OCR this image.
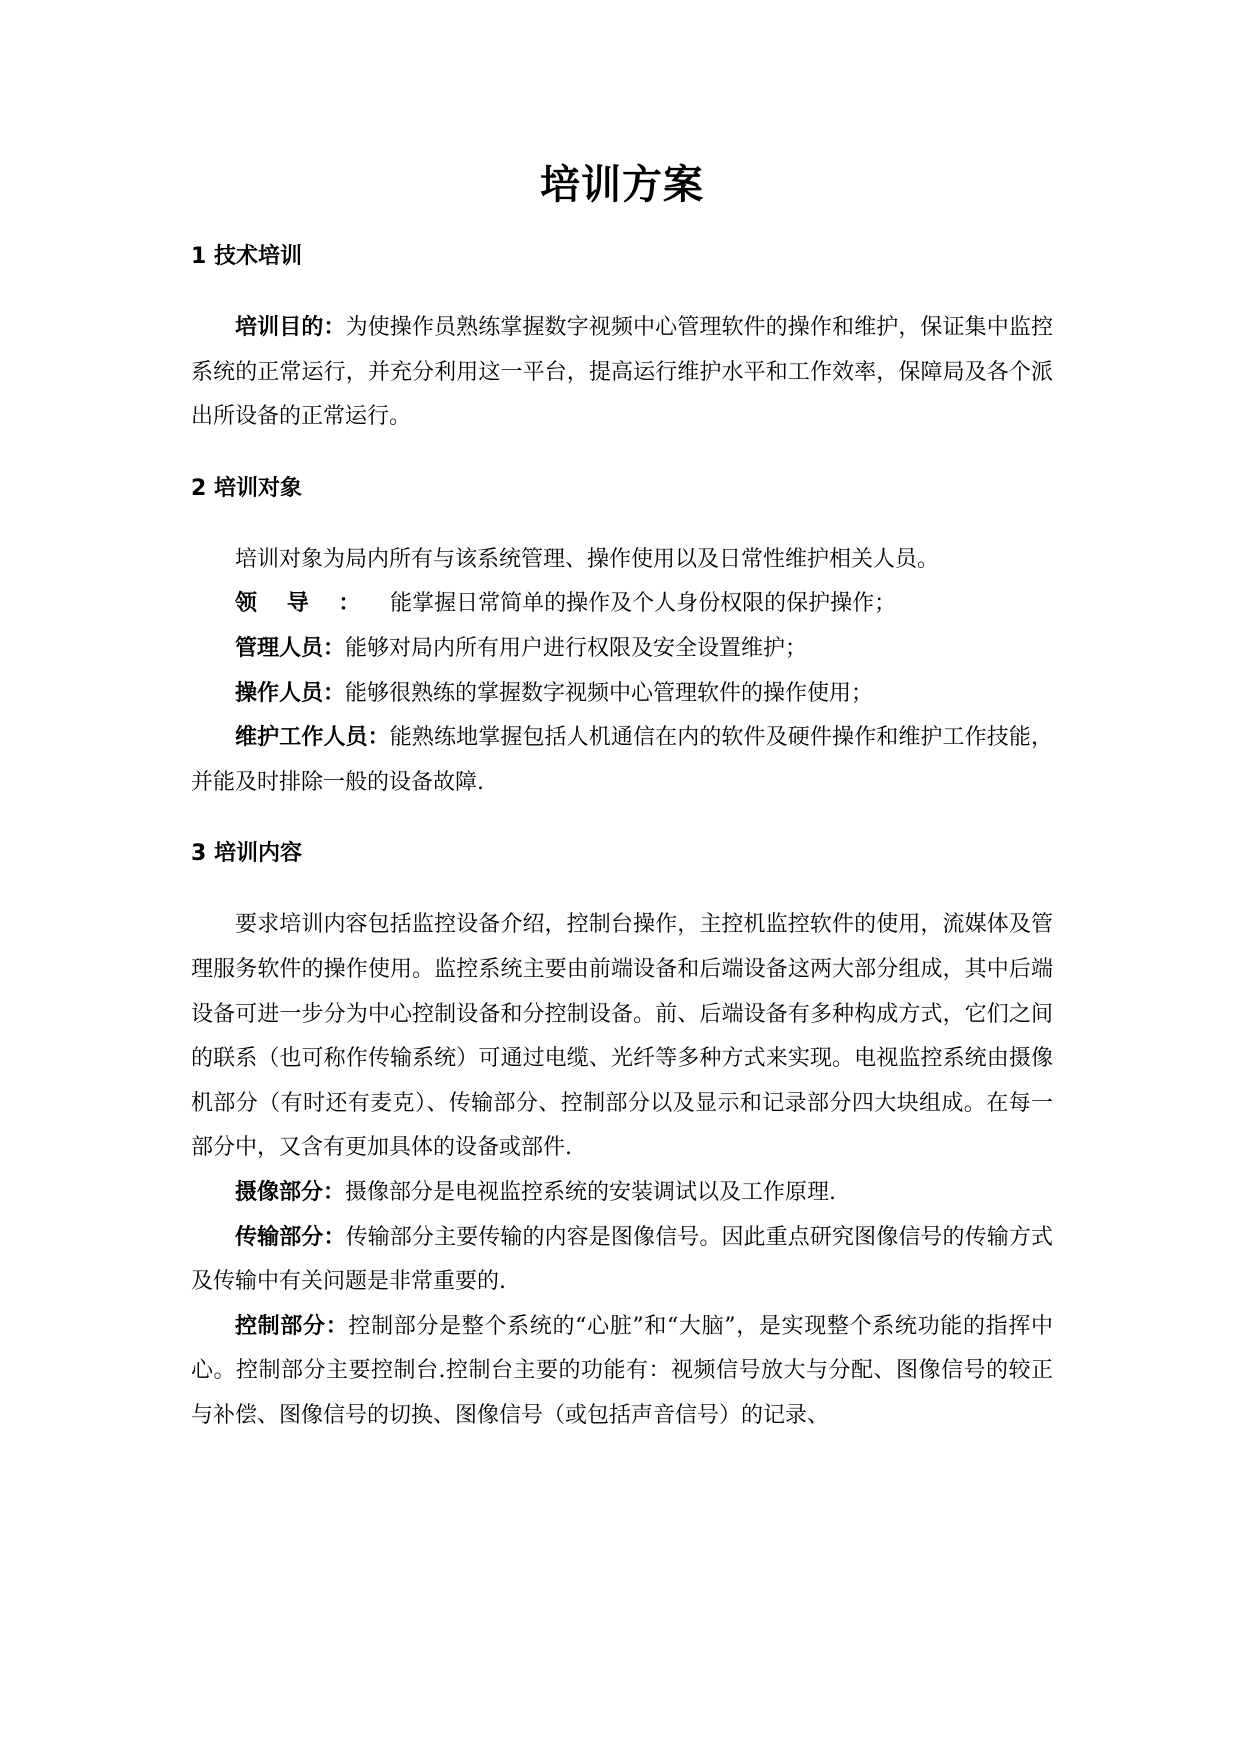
培训方案
1 技术培训

培训目的：为使操作员熟练掌握数字视频中心管理软件的操作和维护，保证集中监控系统的正常运行，并充分利用这一平台，提高运行维护水平和工作效率，保障局及各个派出所设备的正常运行。

2 培训对象

培训对象为局内所有与该系统管理、操作使用以及日常性维护相关人员。

领导：能掌握日常简单的操作及个人身份权限的保护操作；

管理人员：能够对局内所有用户进行权限及安全设置维护；

操作人员：能够很熟练的掌握数字视频中心管理软件的操作使用；

维护工作人员：能熟练地掌握包括人机通信在内的软件及硬件操作和维护工作技能，并能及时排除一般的设备故障.

3 培训内容

要求培训内容包括监控设备介绍，控制台操作，主控机监控软件的使用，流媒体及管理服务软件的操作使用。监控系统主要由前端设备和后端设备这两大部分组成，其中后端设备可进一步分为中心控制设备和分控制设备。前、后端设备有多种构成方式，它们之间的联系（也可称作传输系统）可通过电缆、光纤等多种方式来实现。电视监控系统由摄像机部分（有时还有麦克）、传输部分、控制部分以及显示和记录部分四大块组成。在每一部分中，又含有更加具体的设备或部件.

摄像部分：摄像部分是电视监控系统的安装调试以及工作原理.

传输部分：传输部分主要传输的内容是图像信号。因此重点研究图像信号的传输方式及传输中有关问题是非常重要的.

控制部分：控制部分是整个系统的“心脏”和“大脑”，是实现整个系统功能的指挥中心。控制部分主要控制台.控制台主要的功能有：视频信号放大与分配、图像信号的较正与补偿、图像信号的切换、图像信号（或包括声音信号）的记录、
